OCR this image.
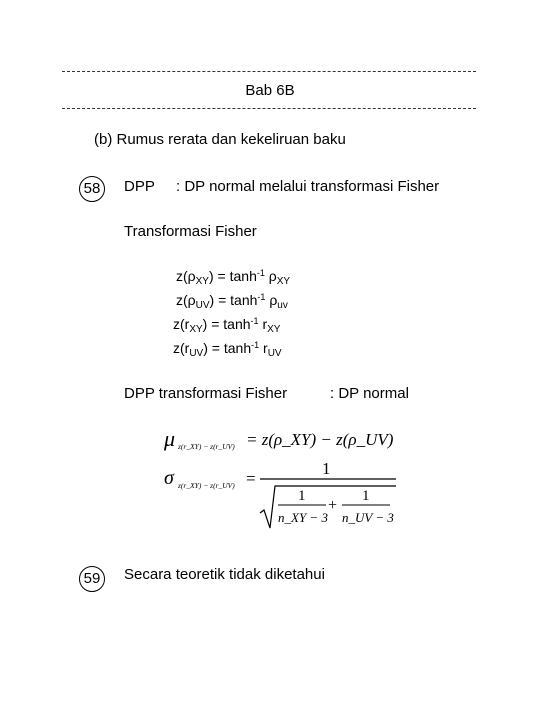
Bab 6B
(b) Rumus rerata dan kekeliruan baku
58	DPP : DP normal melalui transformasi Fisher
Transformasi Fisher
$z(\rho_{XY}) = \tanh^{-1} \rho_{XY}$
$z(\rho_{UV}) = \tanh^{-1} \rho_{uv}$
$z(r_{XY}) = \tanh^{-1} r_{XY}$
$z(r_{UV}) = \tanh^{-1} r_{UV}$
DPP transformasi Fisher	: DP normal
μ z(r_XY) − z(r_UV) = z(ρ_XY) − z(ρ_UV)
σ z(r_XY) − z(r_UV) =
1
1
n_XY − 3
+
1
n_UV − 3
59	Secara teoretik tidak diketahui
